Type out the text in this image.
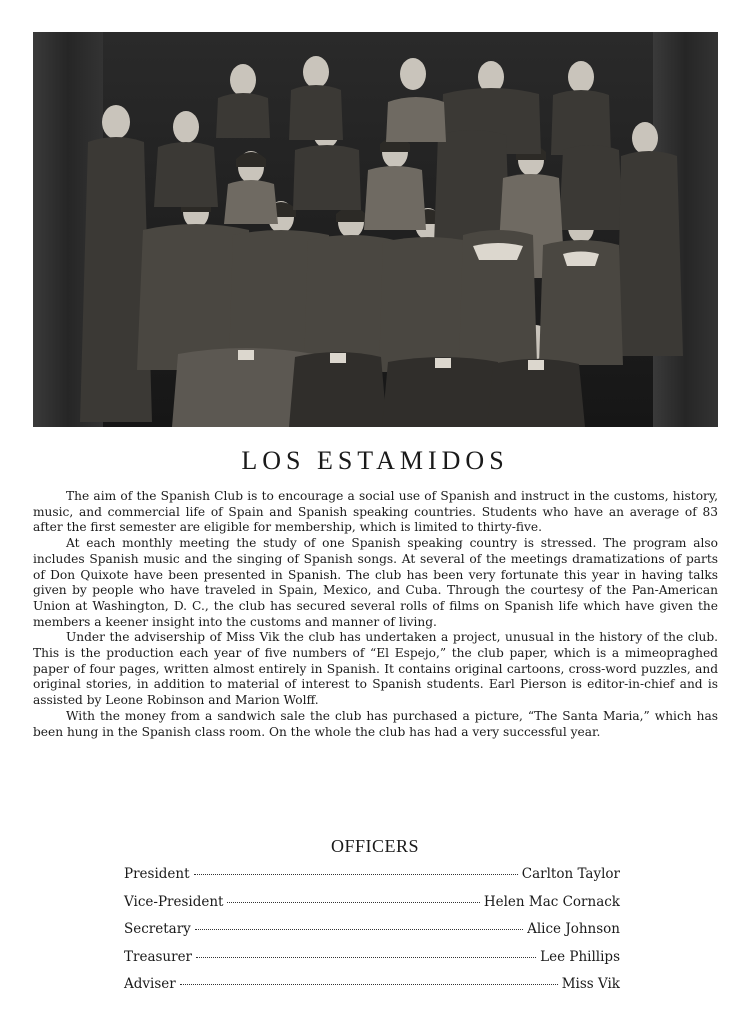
LOS ESTAMIDOS

The aim of the Spanish Club is to encourage a social use of Spanish and instruct in the customs, history, music, and commercial life of Spain and Spanish speaking countries. Students who have an average of 83 after the first semester are eligible for membership, which is limited to thirty-five.

At each monthly meeting the study of one Spanish speaking country is stressed. The program also includes Spanish music and the singing of Spanish songs. At several of the meetings dramatizations of parts of Don Quixote have been presented in Spanish. The club has been very fortunate this year in having talks given by people who have traveled in Spain, Mexico, and Cuba. Through the courtesy of the Pan-American Union at Washington, D. C., the club has secured several rolls of films on Spanish life which have given the members a keener insight into the customs and manner of living.

Under the advisership of Miss Vik the club has undertaken a project, unusual in the history of the club. This is the production each year of five numbers of “El Espejo,” the club paper, which is a mimeopraghed paper of four pages, written almost entirely in Spanish. It contains original cartoons, cross-word puzzles, and original stories, in addition to material of interest to Spanish students. Earl Pierson is editor-in-chief and is assisted by Leone Robinson and Marion Wolff.

With the money from a sandwich sale the club has purchased a picture, “The Santa Maria,” which has been hung in the Spanish class room. On the whole the club has had a very successful year.

OFFICERS
President	Carlton Taylor
Vice-President	Helen Mac Cornack
Secretary	Alice Johnson
Treasurer	Lee Phillips
Adviser	Miss Vik
